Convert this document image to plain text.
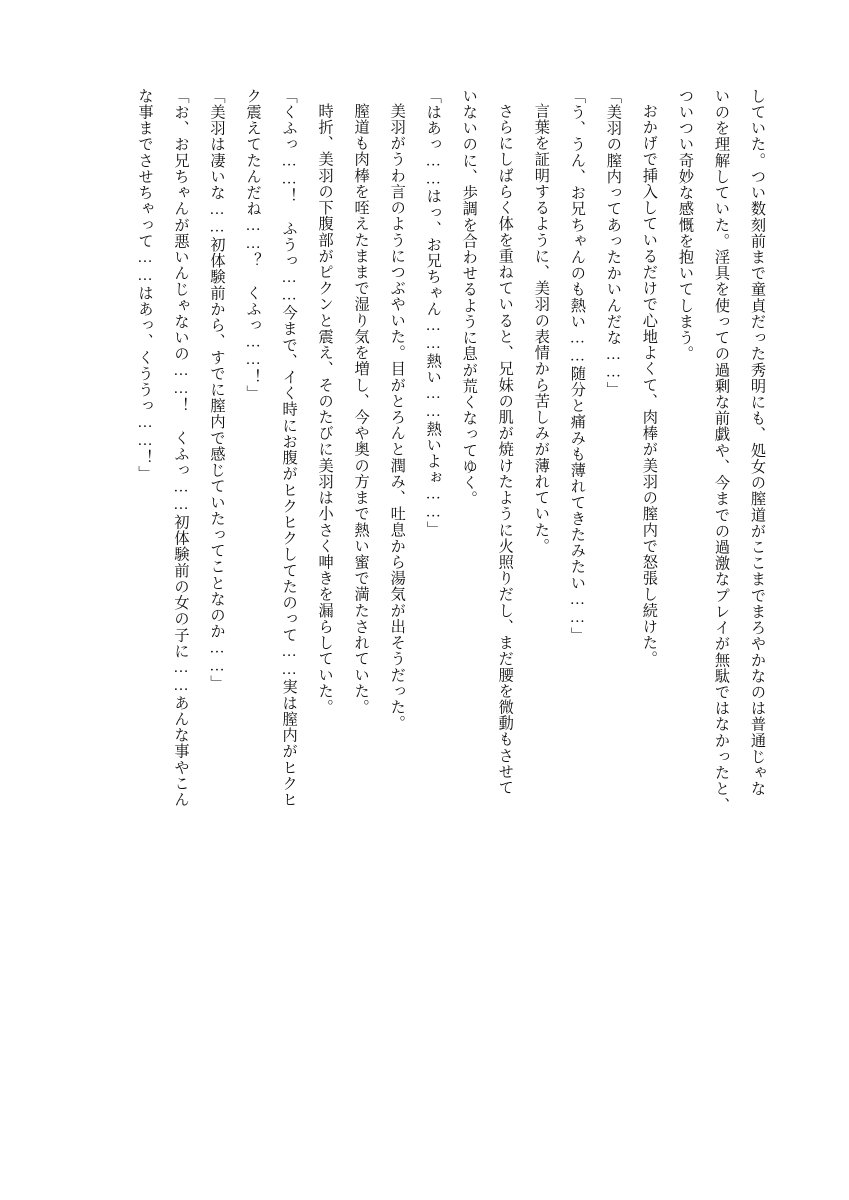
していた。つい数刻前まで童貞だった秀明にも、処女の膣道がここまでまろやかなのは普通じゃな
いのを理解していた。淫具を使っての過剰な前戯や、今までの過激なプレイが無駄ではなかったと、
ついつい奇妙な感慨を抱いてしまう。
おかげで挿入しているだけで心地よくて、肉棒が美羽の膣内で怒張し続けた。
「美羽の膣内ってあったかいんだな……」
「う、うん、お兄ちゃんのも熱い……随分と痛みも薄れてきたみたい……」
言葉を証明するように、美羽の表情から苦しみが薄れていた。
さらにしばらく体を重ねていると、兄妹の肌が焼けたように火照りだし、まだ腰を微動もさせて
いないのに、歩調を合わせるように息が荒くなってゆく。
「はあっ……はっ、お兄ちゃん……熱い……熱いよぉ……」
美羽がうわ言のようにつぶやいた。目がとろんと潤み、吐息から湯気が出そうだった。
膣道も肉棒を咥えたままで湿り気を増し、今や奥の方まで熱い蜜で満たされていた。
時折、美羽の下腹部がピクンと震え、そのたびに美羽は小さく呻きを漏らしていた。
「くふっ……！　ふうっ……今まで、イく時にお腹がヒクヒクしてたのって……実は膣内がヒクヒ
ク震えてたんだね……？　くふっ……！」
「美羽は凄いな……初体験前から、すでに膣内で感じていたってことなのか……」
「お、お兄ちゃんが悪いんじゃないの……！　くふっ……初体験前の女の子に……あんな事やこん
な事までさせちゃって……はあっ、くううっ……！」
